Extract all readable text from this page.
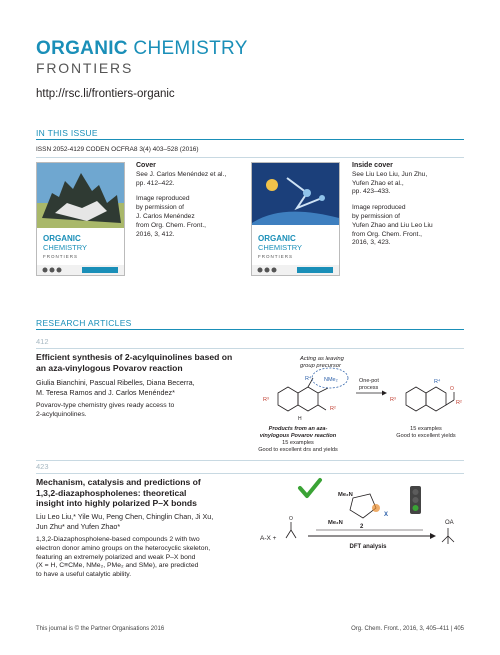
ORGANIC CHEMISTRY
FRONTIERS
http://rsc.li/frontiers-organic
IN THIS ISSUE
ISSN 2052-4129 CODEN OCFRA8 3(4) 403–528 (2016)
ORGANIC
CHEMISTRY
FRONTIERS
Cover
See J. Carlos Menéndez et al.,
pp. 412–422.
Image reproduced
by permission of
J. Carlos Menéndez
from Org. Chem. Front.,
2016, 3, 412.	ORGANIC
CHEMISTRY
FRONTIERS
Inside cover
See Liu Leo Liu, Jun Zhu,
Yufen Zhao et al.,
pp. 423–433.
Image reproduced
by permission of
Yufen Zhao and Liu Leo Liu
from Org. Chem. Front.,
2016, 3, 423.
RESEARCH ARTICLES
412
Efficient synthesis of 2-acylquinolines based on
an aza-vinylogous Povarov reaction
Giulia Bianchini, Pascual Ribelles, Diana Becerra,
M. Teresa Ramos and J. Carlos Menéndez*
Povarov-type chemistry gives ready access to
2-acylquinolines.
Acting as leaving
group precursor
NMe₂
R³
R⁴
R²
H
One-pot
process
R³
R⁴
R²
O
Products from an aza-
vinylogous Povarov reaction
15 examples
Good to excellent drs and yields
15 examples
Good to excellent yields
423
Mechanism, catalysis and predictions of
1,3,2-diazaphospholenes: theoretical
insight into highly polarized P–X bonds
Liu Leo Liu,* Yile Wu, Peng Chen, Chinglin Chan, Ji Xu,
Jun Zhu* and Yufen Zhao*
1,3,2-Diazaphospholene-based compounds 2 with two
electron donor amino groups on the heterocyclic skeleton,
featuring an extremely polarized and weak P–X bond
(X = H, C≡CMe, NMe₂, PMe₂ and SMe), are predicted
to have a useful catalytic ability.
Me₂N
Me₂N
2
X
A-X +
O
DFT analysis
OA
This journal is © the Partner Organisations 2016	Org. Chem. Front., 2016, 3, 405–411 | 405
